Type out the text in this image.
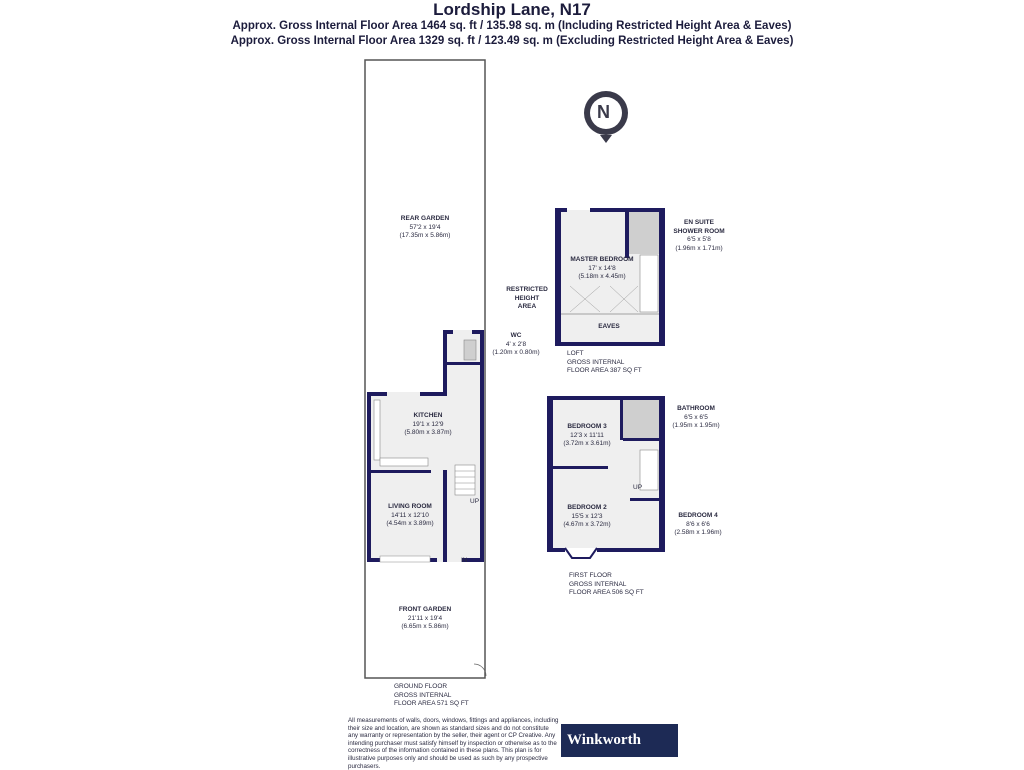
Lordship Lane, N17
Approx. Gross Internal Floor Area 1464 sq. ft / 135.98 sq. m (Including Restricted Height Area & Eaves)
Approx. Gross Internal Floor Area 1329 sq. ft / 123.49 sq. m (Excluding Restricted Height Area & Eaves)
N
REAR GARDEN
57'2 x 19'4
(17.35m x 5.86m)
WC
4' x 2'8
(1.20m x 0.80m)
KITCHEN
19'1 x 12'9
(5.80m x 3.87m)
LIVING ROOM
14'11 x 12'10
(4.54m x 3.89m)
FRONT GARDEN
21'11 x 19'4
(6.65m x 5.86m)
UP
IN
MASTER BEDROOM
17' x 14'8
(5.18m x 4.45m)
EN SUITE
SHOWER ROOM
6'5 x 5'8
(1.96m x 1.71m)
RESTRICTED
HEIGHT
AREA
EAVES
BEDROOM 3
12'3 x 11'11
(3.72m x 3.61m)
BATHROOM
6'5 x 6'5
(1.95m x 1.95m)
BEDROOM 2
15'5 x 12'3
(4.67m x 3.72m)
BEDROOM 4
8'6 x 6'6
(2.58m x 1.96m)
UP
GROUND FLOOR
GROSS INTERNAL
FLOOR AREA 571 SQ FT
FIRST FLOOR
GROSS INTERNAL
FLOOR AREA 506 SQ FT
LOFT
GROSS INTERNAL
FLOOR AREA 387 SQ FT
All measurements of walls, doors, windows, fittings and appliances, including their size and location, are shown as standard sizes and do not constitute any warranty or representation by the seller, their agent or CP Creative. Any intending purchaser must satisfy himself by inspection or otherwise as to the correctness of the information contained in these plans. This plan is for illustrative purposes only and should be used as such by any prospective purchasers.
Winkworth
